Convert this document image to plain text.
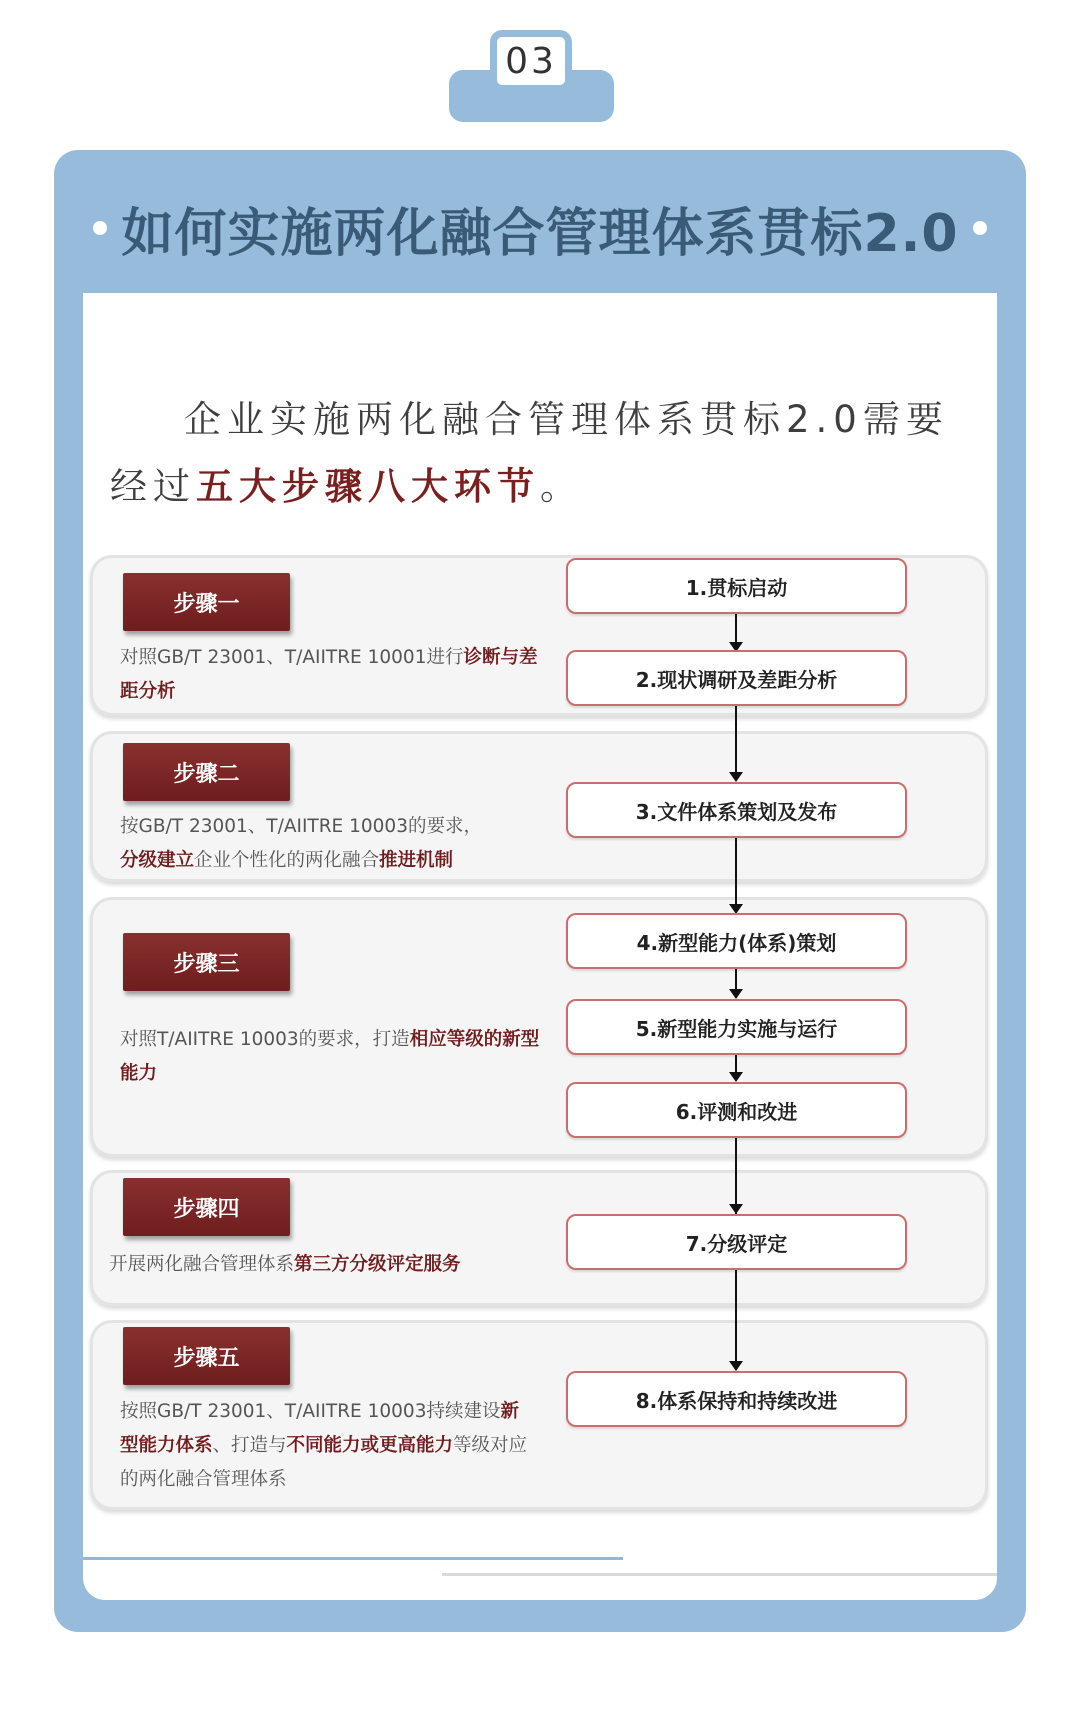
03
如何实施两化融合管理体系贯标2.0
企业实施两化融合管理体系贯标2.0需要
经过五大步骤八大环节。
步骤一
步骤二
步骤三
步骤四
步骤五
对照GB/T 23001、T/AIITRE 10001进行诊断与差距分析
按GB/T 23001、T/AIITRE 10003的要求，
分级建立企业个性化的两化融合推进机制
对照T/AIITRE 10003的要求，打造相应等级的新型能力
开展两化融合管理体系第三方分级评定服务
按照GB/T 23001、T/AIITRE 10003持续建设新型能力体系、打造与不同能力或更高能力等级对应的两化融合管理体系
1.贯标启动
2.现状调研及差距分析
3.文件体系策划及发布
4.新型能力(体系)策划
5.新型能力实施与运行
6.评测和改进
7.分级评定
8.体系保持和持续改进
